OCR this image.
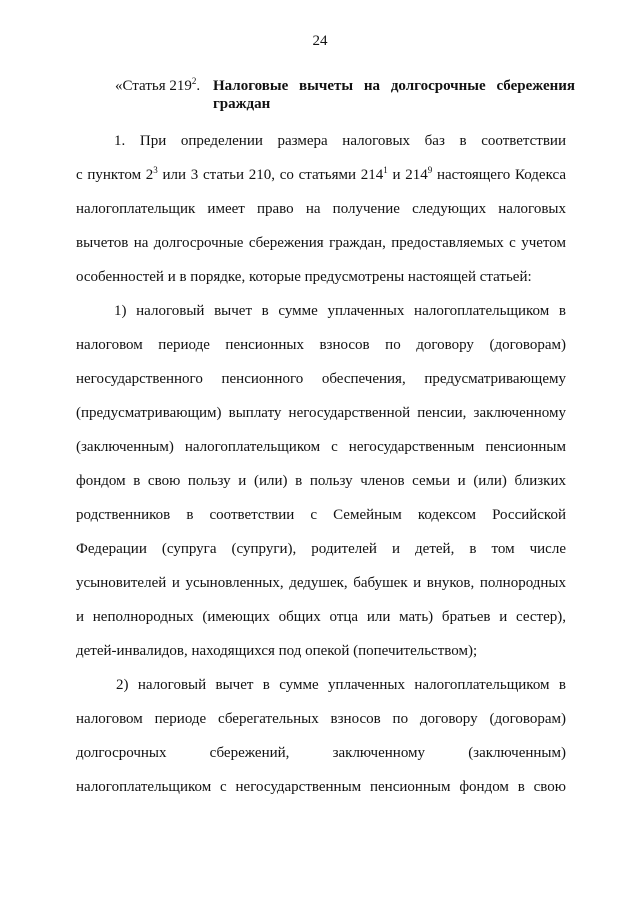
24
«Статья $219^2$. Налоговые вычеты на долгосрочные сбережения граждан
1. При определении размера налоговых баз в соответствии
с пунктом $2^3$ или 3 статьи 210, со статьями $214^1$ и $214^9$ настоящего Кодекса
налогоплательщик имеет право на получение следующих налоговых
вычетов на долгосрочные сбережения граждан, предоставляемых с учетом
особенностей и в порядке, которые предусмотрены настоящей статьей:
1) налоговый вычет в сумме уплаченных налогоплательщиком в
налоговом периоде пенсионных взносов по договору (договорам)
негосударственного пенсионного обеспечения, предусматривающему
(предусматривающим) выплату негосударственной пенсии, заключенному
(заключенным) налогоплательщиком с негосударственным пенсионным
фондом в свою пользу и (или) в пользу членов семьи и (или) близких
родственников в соответствии с Семейным кодексом Российской
Федерации (супруга (супруги), родителей и детей, в том числе
усыновителей и усыновленных, дедушек, бабушек и внуков, полнородных
и неполнородных (имеющих общих отца или мать) братьев и сестер),
детей-инвалидов, находящихся под опекой (попечительством);
2) налоговый вычет в сумме уплаченных налогоплательщиком в
налоговом периоде сберегательных взносов по договору (договорам)
долгосрочных сбережений, заключенному (заключенным)
налогоплательщиком с негосударственным пенсионным фондом в свою
